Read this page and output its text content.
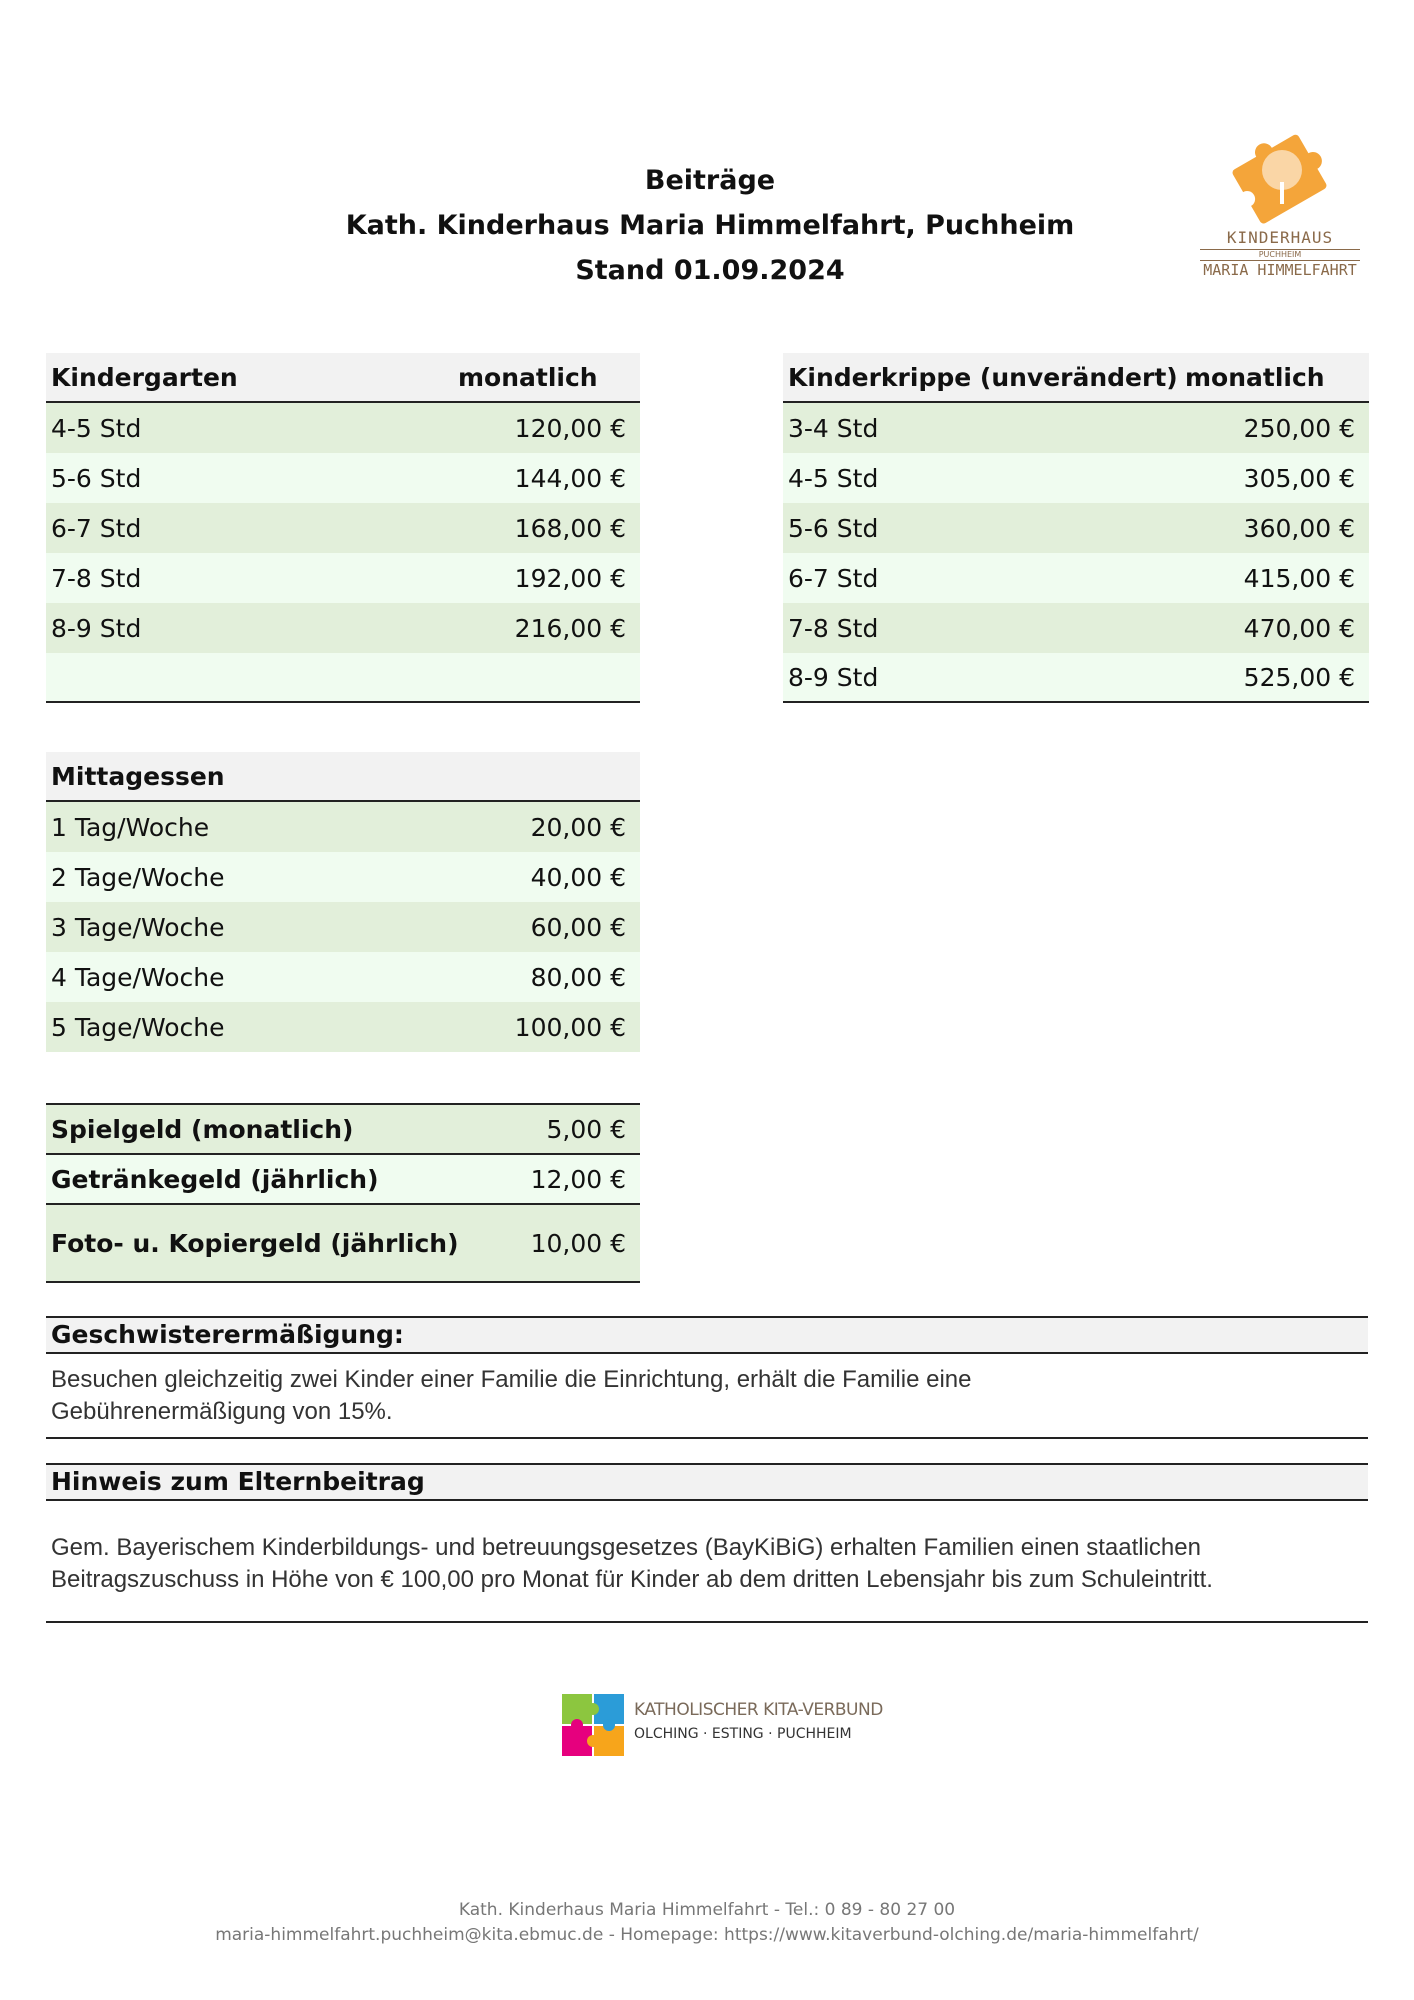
Beiträge
Kath. Kinderhaus Maria Himmelfahrt, Puchheim
Stand 01.09.2024
KINDERHAUS
PUCHHEIM
MARIA HIMMELFAHRT
Kindergarten	monatlich
4-5 Std	120,00 €
5-6 Std	144,00 €
6-7 Std	168,00 €
7-8 Std	192,00 €
8-9 Std	216,00 €
Kinderkrippe (unverändert) monatlich
3-4 Std	250,00 €
4-5 Std	305,00 €
5-6 Std	360,00 €
6-7 Std	415,00 €
7-8 Std	470,00 €
8-9 Std	525,00 €
Mittagessen
1 Tag/Woche	20,00 €
2 Tage/Woche	40,00 €
3 Tage/Woche	60,00 €
4 Tage/Woche	80,00 €
5 Tage/Woche	100,00 €
Spielgeld (monatlich)	5,00 €
Getränkegeld (jährlich)	12,00 €
Foto- u. Kopiergeld (jährlich)	10,00 €
Geschwisterermäßigung:
Besuchen gleichzeitig zwei Kinder einer Familie die Einrichtung, erhält die Familie eine
Gebührenermäßigung von 15%.
Hinweis zum Elternbeitrag
Gem. Bayerischem Kinderbildungs- und betreuungsgesetzes (BayKiBiG) erhalten Familien einen staatlichen
Beitragszuschuss in Höhe von € 100,00 pro Monat für Kinder ab dem dritten Lebensjahr bis zum Schuleintritt.
KATHOLISCHER KITA-VERBUND
OLCHING · ESTING · PUCHHEIM
Kath. Kinderhaus Maria Himmelfahrt - Tel.: 0 89 - 80 27 00
maria-himmelfahrt.puchheim@kita.ebmuc.de - Homepage: https://www.kitaverbund-olching.de/maria-himmelfahrt/
